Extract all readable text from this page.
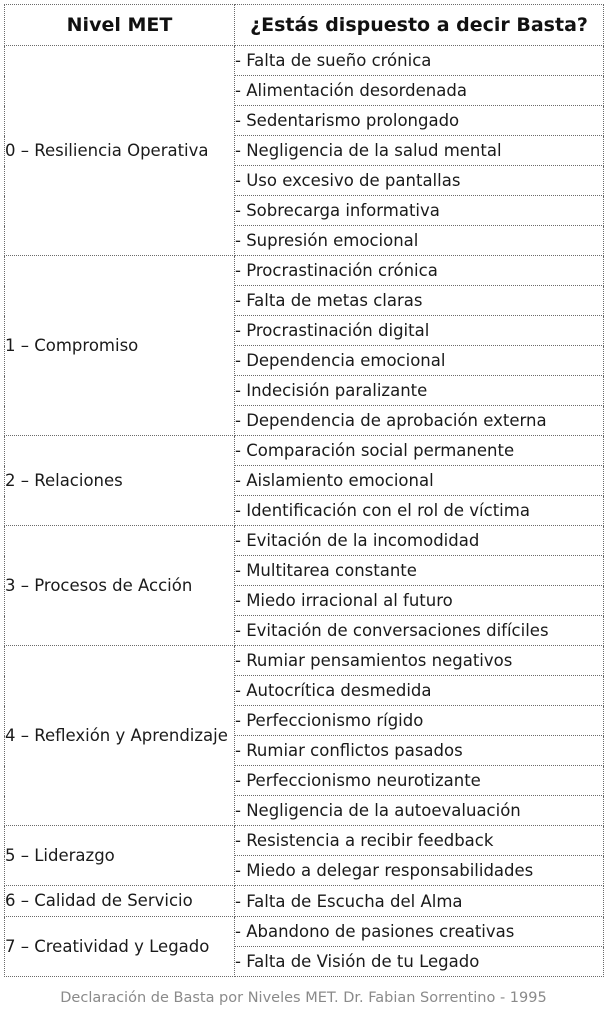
Nivel MET	¿Estás dispuesto a decir Basta?
0 – Resiliencia Operativa	- Falta de sueño crónica
	- Alimentación desordenada
	- Sedentarismo prolongado
	- Negligencia de la salud mental
	- Uso excesivo de pantallas
	- Sobrecarga informativa
	- Supresión emocional
1 – Compromiso	- Procrastinación crónica
	- Falta de metas claras
	- Procrastinación digital
	- Dependencia emocional
	- Indecisión paralizante
	- Dependencia de aprobación externa
2 – Relaciones	- Comparación social permanente
	- Aislamiento emocional
	- Identificación con el rol de víctima
3 – Procesos de Acción	- Evitación de la incomodidad
	- Multitarea constante
	- Miedo irracional al futuro
	- Evitación de conversaciones difíciles
4 – Reflexión y Aprendizaje	- Rumiar pensamientos negativos
	- Autocrítica desmedida
	- Perfeccionismo rígido
	- Rumiar conflictos pasados
	- Perfeccionismo neurotizante
	- Negligencia de la autoevaluación
5 – Liderazgo	- Resistencia a recibir feedback
	- Miedo a delegar responsabilidades
6 – Calidad de Servicio	- Falta de Escucha del Alma
7 – Creatividad y Legado	- Abandono de pasiones creativas
	- Falta de Visión de tu Legado
Declaración de Basta por Niveles MET. Dr. Fabian Sorrentino - 1995
